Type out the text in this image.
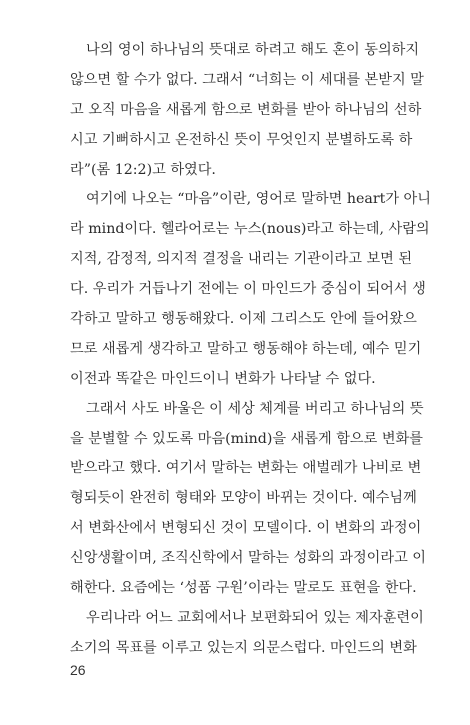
나의 영이 하나님의 뜻대로 하려고 해도 혼이 동의하지
않으면 할 수가 없다. 그래서 “너희는 이 세대를 본받지 말
고 오직 마음을 새롭게 함으로 변화를 받아 하나님의 선하
시고 기뻐하시고 온전하신 뜻이 무엇인지 분별하도록 하
라”(롬 12:2)고 하였다.
여기에 나오는 “마음”이란, 영어로 말하면 heart가 아니
라 mind이다. 헬라어로는 누스(nous)라고 하는데, 사람의
지적, 감정적, 의지적 결정을 내리는 기관이라고 보면 된
다. 우리가 거듭나기 전에는 이 마인드가 중심이 되어서 생
각하고 말하고 행동해왔다. 이제 그리스도 안에 들어왔으
므로 새롭게 생각하고 말하고 행동해야 하는데, 예수 믿기
이전과 똑같은 마인드이니 변화가 나타날 수 없다.
그래서 사도 바울은 이 세상 체계를 버리고 하나님의 뜻
을 분별할 수 있도록 마음(mind)을 새롭게 함으로 변화를
받으라고 했다. 여기서 말하는 변화는 애벌레가 나비로 변
형되듯이 완전히 형태와 모양이 바뀌는 것이다. 예수님께
서 변화산에서 변형되신 것이 모델이다. 이 변화의 과정이
신앙생활이며, 조직신학에서 말하는 성화의 과정이라고 이
해한다. 요즘에는 ‘성품 구원’이라는 말로도 표현을 한다.
우리나라 어느 교회에서나 보편화되어 있는 제자훈련이
소기의 목표를 이루고 있는지 의문스럽다. 마인드의 변화
26
